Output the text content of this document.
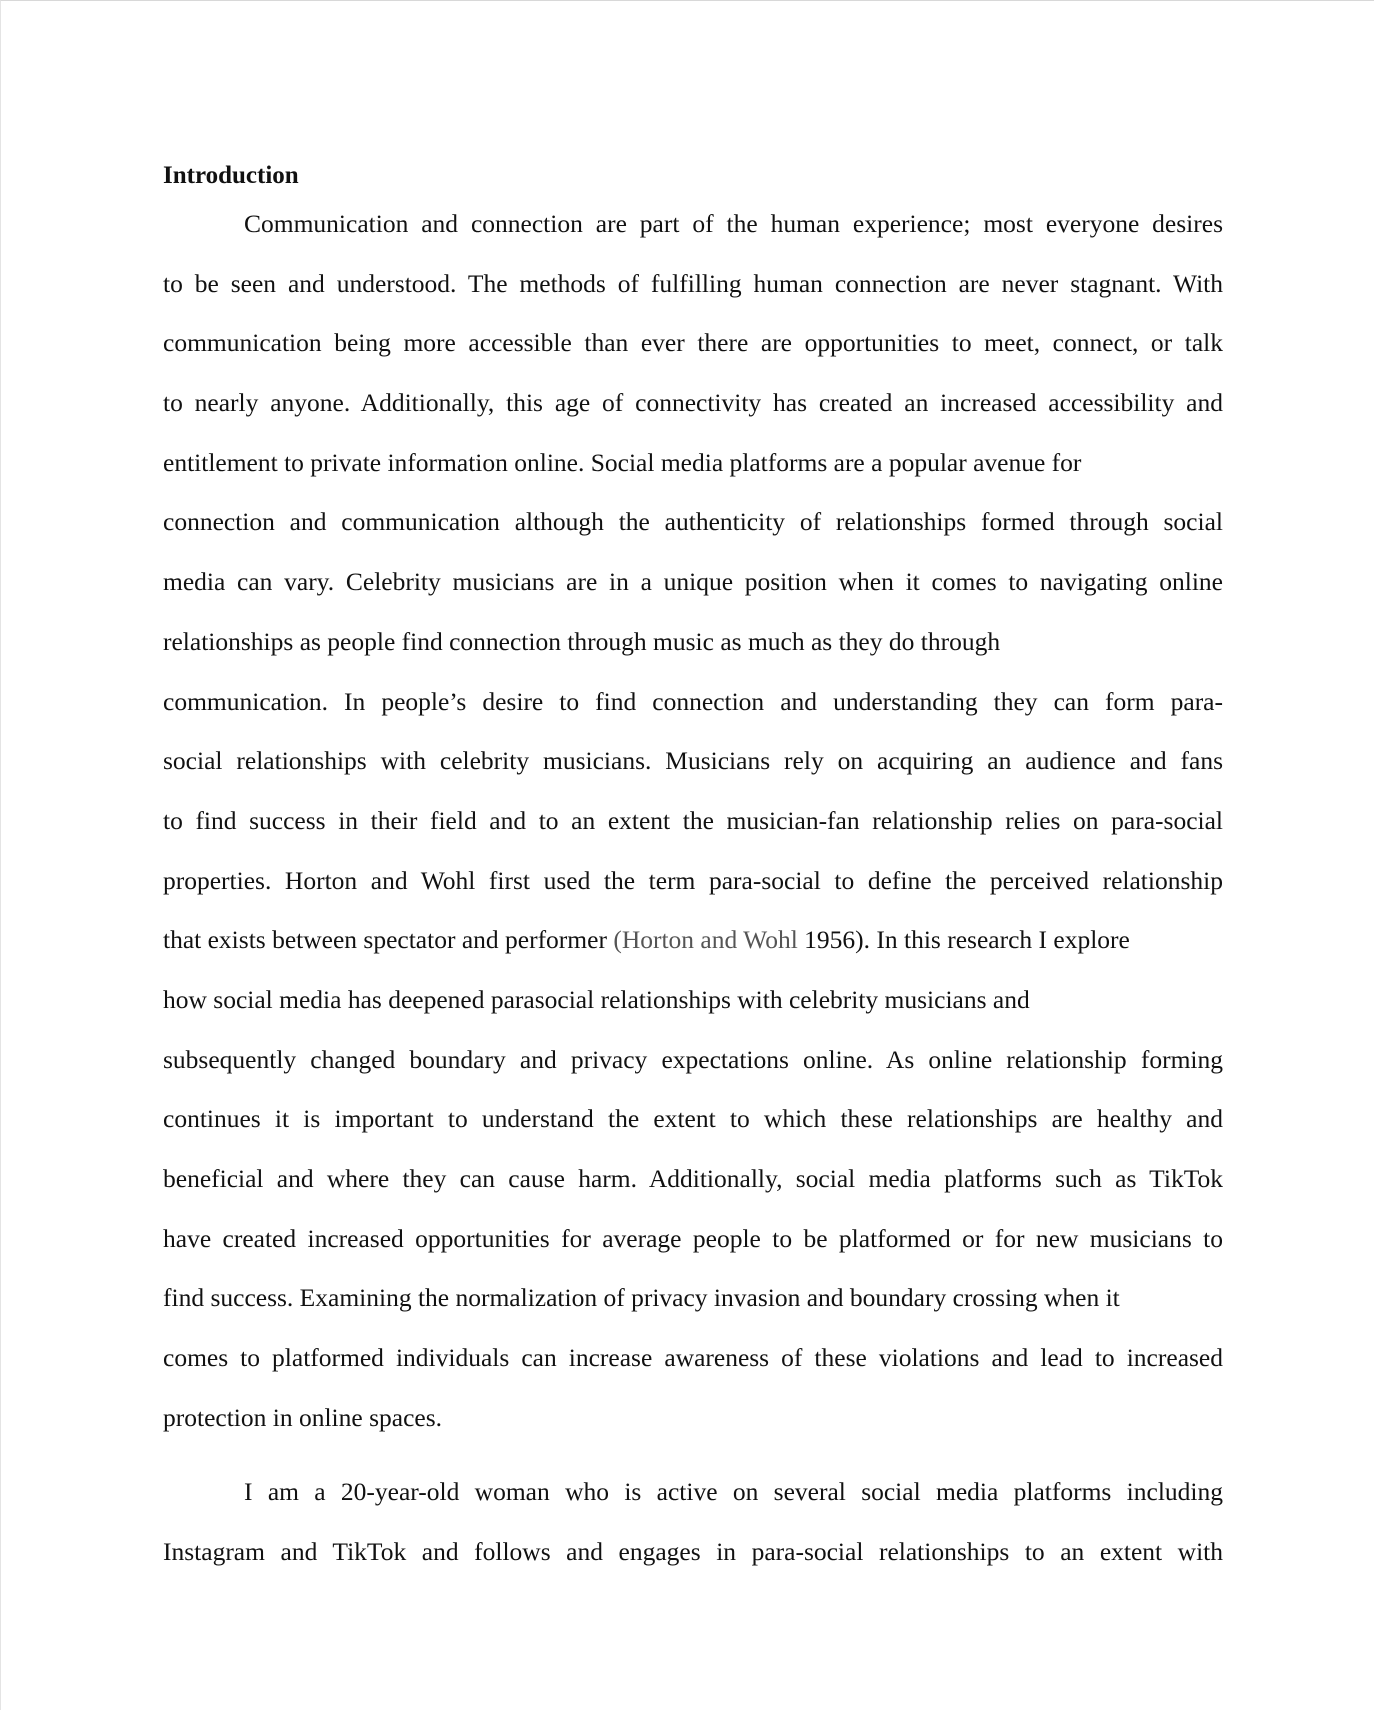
Introduction
Communication and connection are part of the human experience; most everyone desires
to be seen and understood. The methods of fulfilling human connection are never stagnant. With
communication being more accessible than ever there are opportunities to meet, connect, or talk
to nearly anyone. Additionally, this age of connectivity has created an increased accessibility and
entitlement to private information online. Social media platforms are a popular avenue for
connection and communication although the authenticity of relationships formed through social
media can vary. Celebrity musicians are in a unique position when it comes to navigating online
relationships as people find connection through music as much as they do through
communication. In people’s desire to find connection and understanding they can form para-
social relationships with celebrity musicians. Musicians rely on acquiring an audience and fans
to find success in their field and to an extent the musician-fan relationship relies on para-social
properties. Horton and Wohl first used the term para-social to define the perceived relationship
that exists between spectator and performer (Horton and Wohl 1956). In this research I explore
how social media has deepened parasocial relationships with celebrity musicians and
subsequently changed boundary and privacy expectations online. As online relationship forming
continues it is important to understand the extent to which these relationships are healthy and
beneficial and where they can cause harm. Additionally, social media platforms such as TikTok
have created increased opportunities for average people to be platformed or for new musicians to
find success. Examining the normalization of privacy invasion and boundary crossing when it
comes to platformed individuals can increase awareness of these violations and lead to increased
protection in online spaces.
I am a 20-year-old woman who is active on several social media platforms including
Instagram and TikTok and follows and engages in para-social relationships to an extent with
